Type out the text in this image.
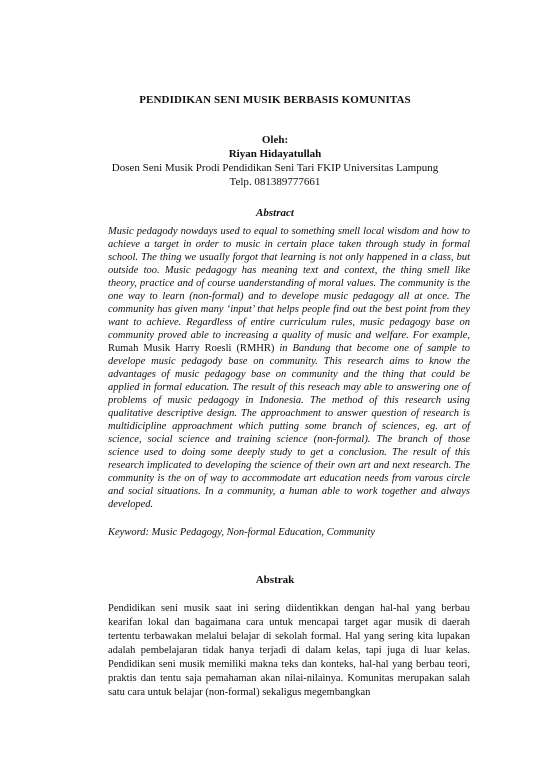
PENDIDIKAN SENI MUSIK BERBASIS KOMUNITAS
Oleh:
Riyan Hidayatullah
Dosen Seni Musik Prodi Pendidikan Seni Tari FKIP Universitas Lampung
Telp. 081389777661
Abstract
Music pedagody nowdays used to equal to something smell local wisdom and how to achieve a target in order to music in certain place taken through study in formal school. The thing we usually forgot that learning is not only happened in a class, but outside too. Music pedagogy has meaning text and context, the thing smell like theory, practice and of course uanderstanding of moral values. The community is the one way to learn (non-formal) and to develope music pedagogy all at once. The community has given many ‘input’ that helps people find out the best point from they want to achieve. Regardless of entire curriculum rules, music pedagogy base on community proved able to increasing a quality of music and welfare. For example, Rumah Musik Harry Roesli (RMHR) in Bandung that become one of sample to develope music pedagody base on community. This research aims to know the advantages of music pedagogy base on community and the thing that could be applied in formal education. The result of this reseach may able to answering one of problems of music pedagogy in Indonesia. The method of this research using qualitative descriptive design. The approachment to answer question of research is multidicipline approachment which putting some branch of sciences, eg. art of science, social science and training science (non-formal). The branch of those science used to doing some deeply study to get a conclusion. The result of this research implicated to developing the science of their own art and next research. The community is the on of way to accommodate art education needs from varous circle and social situations. In a community, a human able to work together and always developed.
Keyword: Music Pedagogy, Non-formal Education, Community
Abstrak
Pendidikan seni musik saat ini sering diidentikkan dengan hal-hal yang berbau kearifan lokal dan bagaimana cara untuk mencapai target agar musik di daerah tertentu terbawakan melalui belajar di sekolah formal. Hal yang sering kita lupakan adalah pembelajaran tidak hanya terjadi di dalam kelas, tapi juga di luar kelas. Pendidikan seni musik memiliki makna teks dan konteks, hal-hal yang berbau teori, praktis dan tentu saja pemahaman akan nilai-nilainya. Komunitas merupakan salah satu cara untuk belajar (non-formal) sekaligus megembangkan
